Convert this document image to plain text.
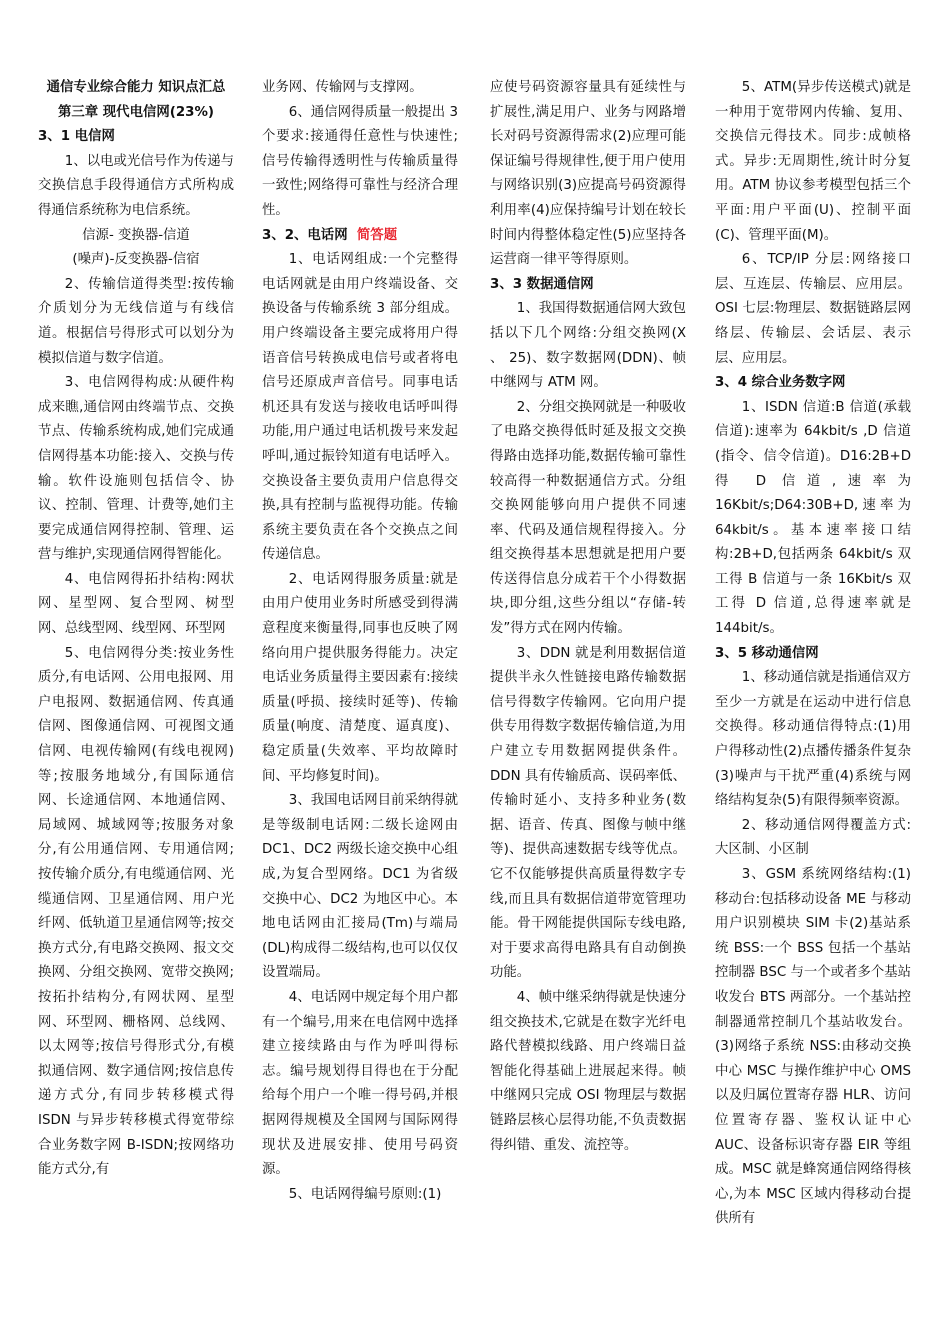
通信专业综合能力 知识点汇总

第三章 现代电信网(23%)

3、1 电信网

1、以电或光信号作为传递与交换信息手段得通信方式所构成得通信系统称为电信系统。

信源- 变换器-信道

(噪声)-反变换器-信宿

2、传输信道得类型:按传输介质划分为无线信道与有线信道。根据信号得形式可以划分为模拟信道与数字信道。

3、电信网得构成:从硬件构成来瞧,通信网由终端节点、交换节点、传输系统构成,她们完成通信网得基本功能:接入、交换与传输。软件设施则包括信令、协议、控制、管理、计费等,她们主要完成通信网得控制、管理、运营与维护,实现通信网得智能化。

4、电信网得拓扑结构:网状网、星型网、复合型网、树型网、总线型网、线型网、环型网

5、电信网得分类:按业务性质分,有电话网、公用电报网、用户电报网、数据通信网、传真通信网、图像通信网、可视图文通信网、电视传输网(有线电视网)等;按服务地域分,有国际通信网、长途通信网、本地通信网、局域网、城域网等;按服务对象分,有公用通信网、专用通信网;按传输介质分,有电缆通信网、光缆通信网、卫星通信网、用户光纤网、低轨道卫星通信网等;按交换方式分,有电路交换网、报文交换网、分组交换网、宽带交换网;按拓扑结构分,有网状网、星型网、环型网、栅格网、总线网、以太网等;按信号得形式分,有模拟通信网、数字通信网;按信息传递方式分,有同步转移模式得 ISDN 与异步转移模式得宽带综合业务数字网 B-ISDN;按网络功能方式分,有

业务网、传输网与支撑网。

6、通信网得质量一般提出 3 个要求:接通得任意性与快速性;信号传输得透明性与传输质量得一致性;网络得可靠性与经济合理性。

3、2、电话网 简答题

1、电话网组成:一个完整得电话网就是由用户终端设备、交换设备与传输系统 3 部分组成。用户终端设备主要完成将用户得语音信号转换成电信号或者将电信号还原成声音信号。同事电话机还具有发送与接收电话呼叫得功能,用户通过电话机拨号来发起呼叫,通过振铃知道有电话呼入。交换设备主要负责用户信息得交换,具有控制与监视得功能。传输系统主要负责在各个交换点之间传递信息。

2、电话网得服务质量:就是由用户使用业务时所感受到得满意程度来衡量得,同事也反映了网络向用户提供服务得能力。决定电话业务质量得主要因素有:接续质量(呼损、接续时延等)、传输质量(响度、清楚度、逼真度)、稳定质量(失效率、平均故障时间、平均修复时间)。

3、我国电话网目前采纳得就是等级制电话网:二级长途网由 DC1、DC2 两级长途交换中心组成,为复合型网络。DC1 为省级交换中心、DC2 为地区中心。本地电话网由汇接局(Tm)与端局(DL)构成得二级结构,也可以仅仅设置端局。

4、电话网中规定每个用户都有一个编号,用来在电信网中选择建立接续路由与作为呼叫得标志。编号规划得目得也在于分配给每个用户一个唯一得号码,并根据网得规模及全国网与国际网得现状及进展安排、使用号码资源。

5、电话网得编号原则:(1)

应使号码资源容量具有延续性与扩展性,满足用户、业务与网路增长对码号资源得需求(2)应理可能保证编号得规律性,便于用户使用与网络识别(3)应提高号码资源得利用率(4)应保持编号计划在较长时间内得整体稳定性(5)应坚持各运营商一律平等得原则。

3、3 数据通信网

1、我国得数据通信网大致包括以下几个网络:分组交换网(X 、 25)、数字数据网(DDN)、帧中继网与 ATM 网。

2、分组交换网就是一种吸收了电路交换得低时延及报文交换得路由选择功能,数据传输可靠性较高得一种数据通信方式。分组交换网能够向用户提供不同速率、代码及通信规程得接入。分组交换得基本思想就是把用户要传送得信息分成若干个小得数据块,即分组,这些分组以“存储-转发”得方式在网内传输。

3、DDN 就是利用数据信道提供半永久性链接电路传输数据信号得数字传输网。它向用户提供专用得数字数据传输信道,为用户建立专用数据网提供条件。DDN 具有传输质高、误码率低、传输时延小、支持多种业务(数据、语音、传真、图像与帧中继等)、提供高速数据专线等优点。它不仅能够提供高质量得数字专线,而且具有数据信道带宽管理功能。骨干网能提供国际专线电路,对于要求高得电路具有自动倒换功能。

4、帧中继采纳得就是快速分组交换技术,它就是在数字光纤电路代替模拟线路、用户终端日益智能化得基础上进展起来得。帧中继网只完成 OSI 物理层与数据链路层核心层得功能,不负责数据得纠错、重发、流控等。

5、ATM(异步传送模式)就是一种用于宽带网内传输、复用、交换信元得技术。同步:成帧格式。异步:无周期性,统计时分复用。ATM 协议参考模型包括三个平面:用户平面(U)、控制平面(C)、管理平面(M)。

6、TCP/IP 分层:网络接口层、互连层、传输层、应用层。OSI 七层:物理层、数据链路层网络层、传输层、会话层、表示层、应用层。

3、4 综合业务数字网

1、ISDN 信道:B 信道(承载信道):速率为 64kbit/s ,D 信道(指令、信令信道)。D16:2B+D 得 D 信道,速率为 16Kbit/s;D64:30B+D,速率为 64kbit/s。基本速率接口结构:2B+D,包括两条 64kbit/s 双工得 B 信道与一条 16Kbit/s 双工得 D 信道,总得速率就是 144bit/s。

3、5 移动通信网

1、移动通信就是指通信双方至少一方就是在运动中进行信息交换得。移动通信得特点:(1)用户得移动性(2)点播传播条件复杂(3)噪声与干扰严重(4)系统与网络结构复杂(5)有限得频率资源。

2、移动通信网得覆盖方式:大区制、小区制

3、GSM 系统网络结构:(1)移动台:包括移动设备 ME 与移动用户识别模块 SIM 卡(2)基站系统 BSS:一个 BSS 包括一个基站控制器 BSC 与一个或者多个基站收发台 BTS 两部分。一个基站控制器通常控制几个基站收发台。(3)网络子系统 NSS:由移动交换中心 MSC 与操作维护中心 OMS 以及归属位置寄存器 HLR、访问位置寄存器、鉴权认证中心 AUC、设备标识寄存器 EIR 等组成。MSC 就是蜂窝通信网络得核心,为本 MSC 区域内得移动台提供所有
